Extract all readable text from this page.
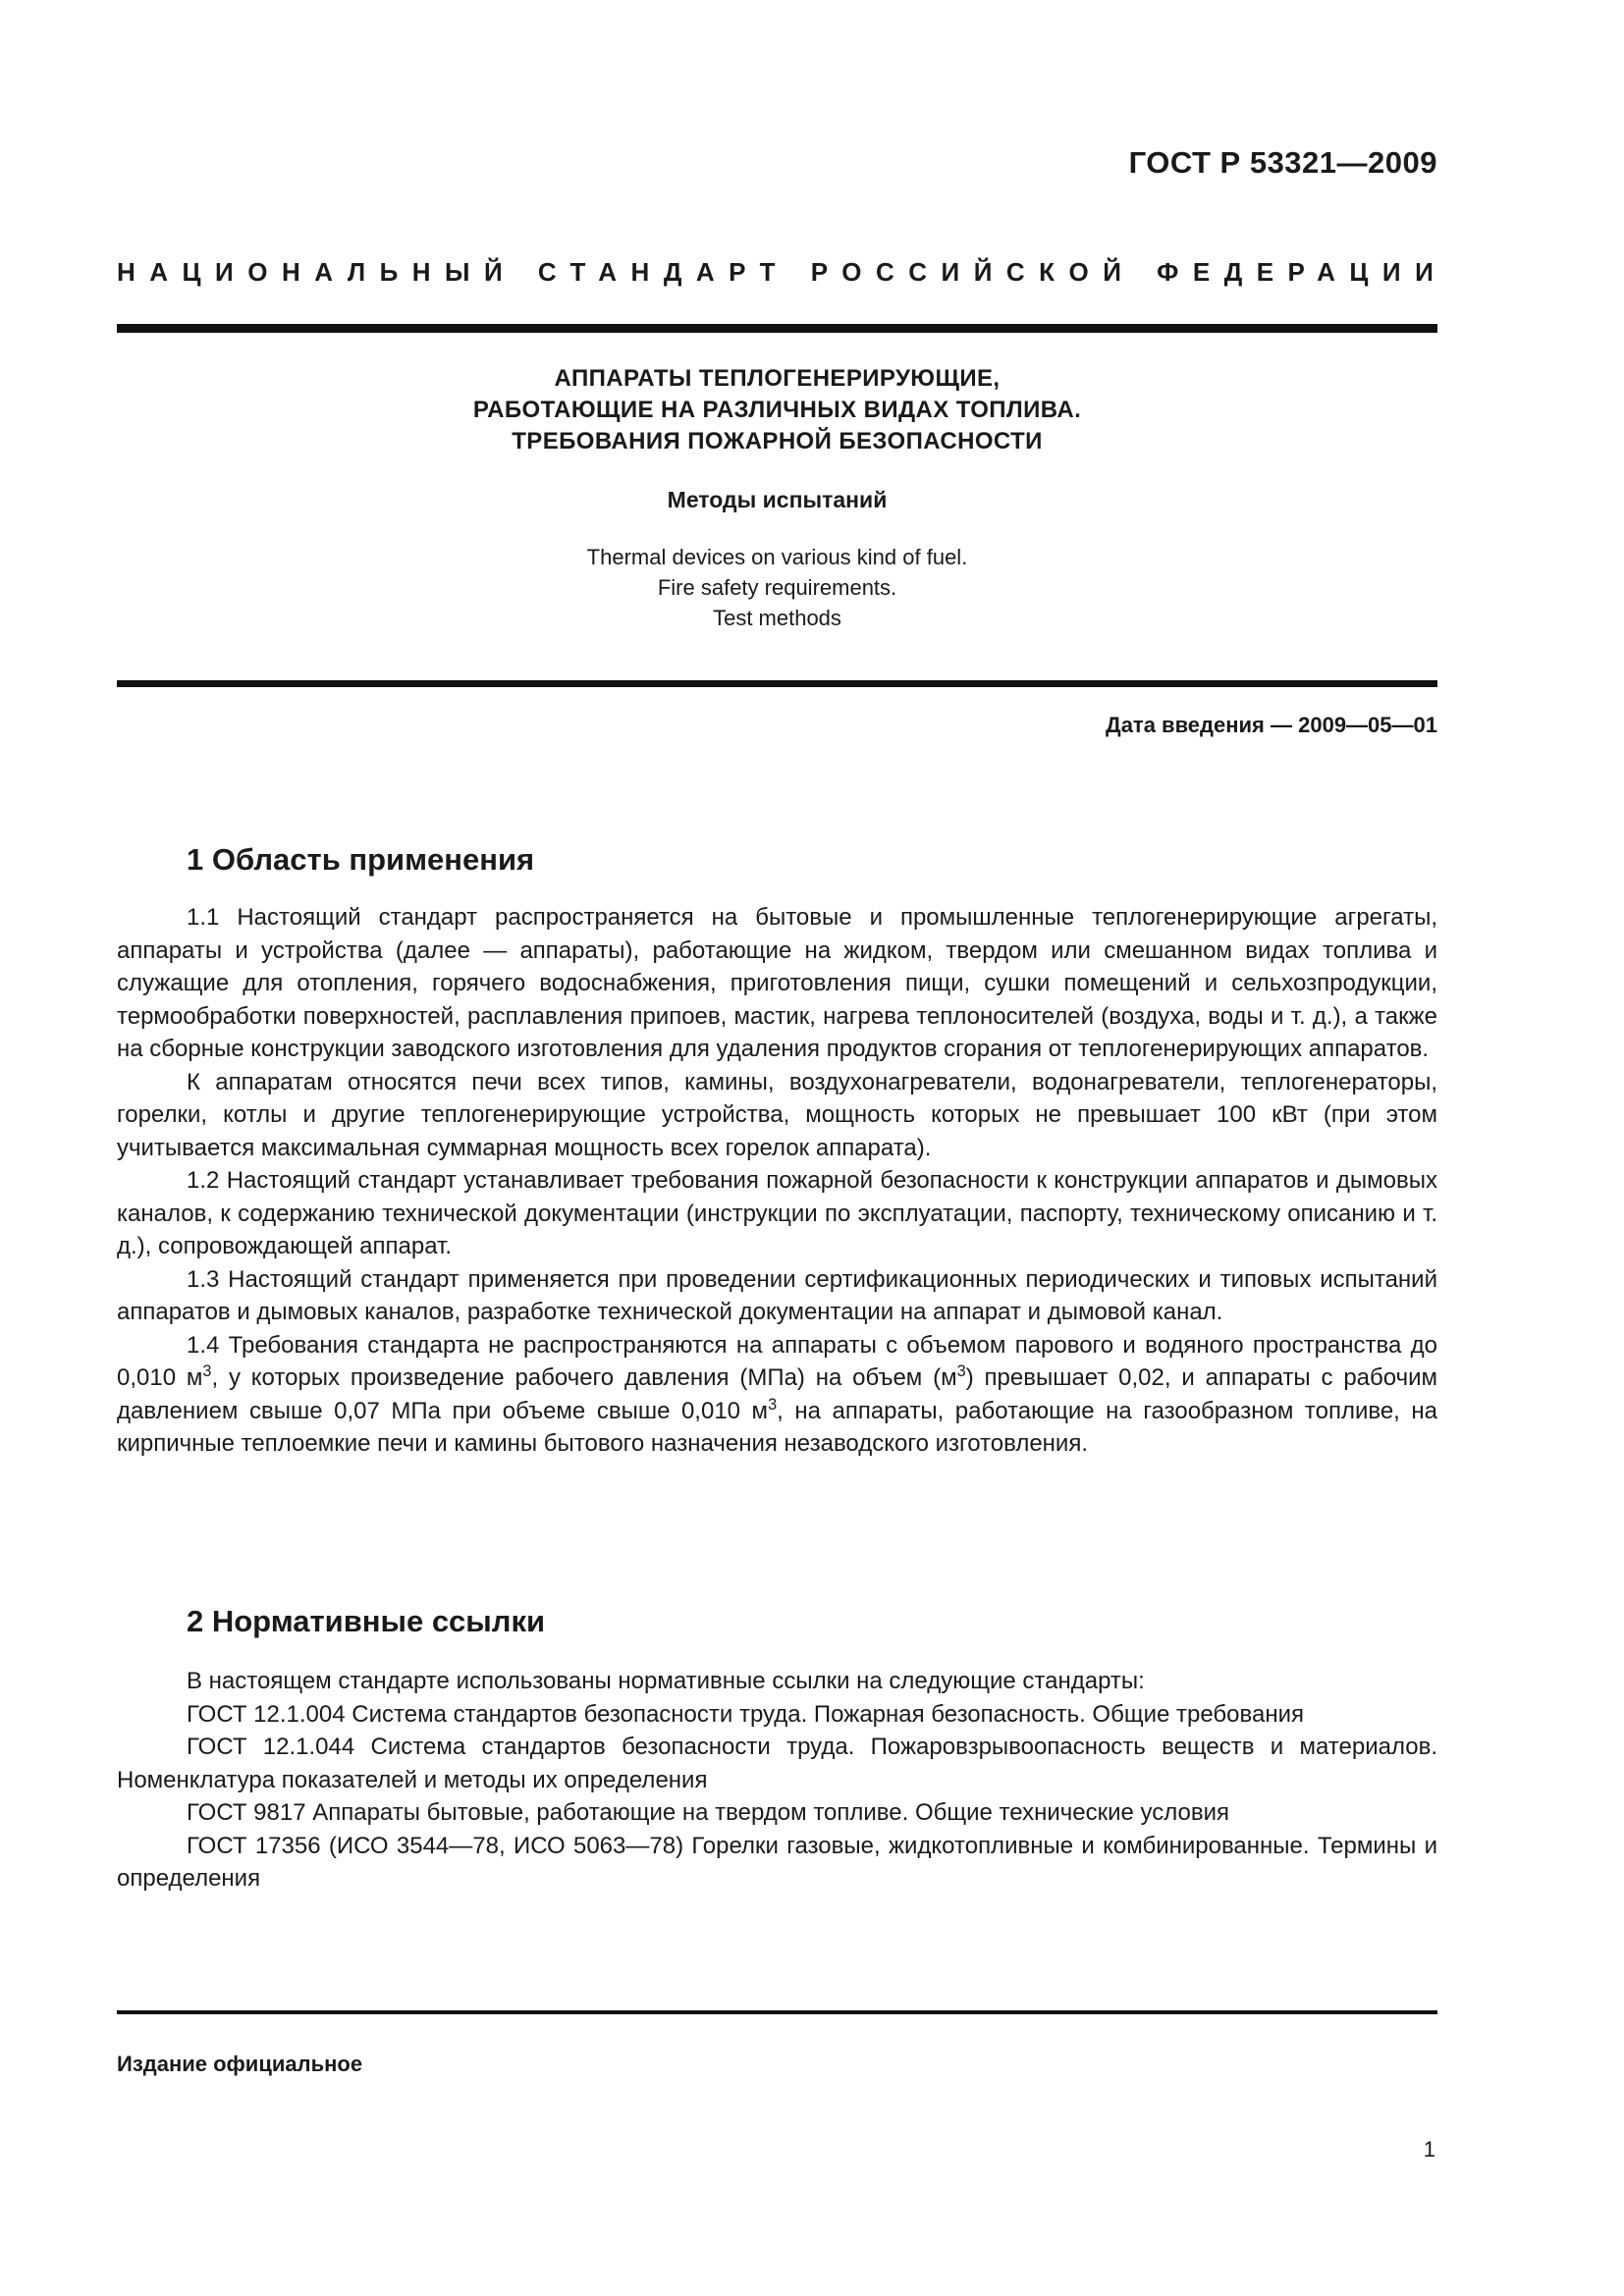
ГОСТ Р 53321—2009
НАЦИОНАЛЬНЫЙ СТАНДАРТ РОССИЙСКОЙ ФЕДЕРАЦИИ
АППАРАТЫ ТЕПЛОГЕНЕРИРУЮЩИЕ,
РАБОТАЮЩИЕ НА РАЗЛИЧНЫХ ВИДАХ ТОПЛИВА.
ТРЕБОВАНИЯ ПОЖАРНОЙ БЕЗОПАСНОСТИ
Методы испытаний
Thermal devices on various kind of fuel.
Fire safety requirements.
Test methods
Дата введения — 2009—05—01
1 Область применения

1.1 Настоящий стандарт распространяется на бытовые и промышленные теплогенерирующие агрегаты, аппараты и устройства (далее — аппараты), работающие на жидком, твердом или смешанном видах топлива и служащие для отопления, горячего водоснабжения, приготовления пищи, сушки помещений и сельхозпродукции, термообработки поверхностей, расплавления припоев, мастик, нагрева теплоносителей (воздуха, воды и т. д.), а также на сборные конструкции заводского изготовления для удаления продуктов сгорания от теплогенерирующих аппаратов.

К аппаратам относятся печи всех типов, камины, воздухонагреватели, водонагреватели, теплогенераторы, горелки, котлы и другие теплогенерирующие устройства, мощность которых не превышает 100 кВт (при этом учитывается максимальная суммарная мощность всех горелок аппарата).

1.2 Настоящий стандарт устанавливает требования пожарной безопасности к конструкции аппаратов и дымовых каналов, к содержанию технической документации (инструкции по эксплуатации, паспорту, техническому описанию и т. д.), сопровождающей аппарат.

1.3 Настоящий стандарт применяется при проведении сертификационных периодических и типовых испытаний аппаратов и дымовых каналов, разработке технической документации на аппарат и дымовой канал.

1.4 Требования стандарта не распространяются на аппараты с объемом парового и водяного пространства до 0,010 $м^3$, у которых произведение рабочего давления (МПа) на объем $(м^3)$ превышает 0,02, и аппараты с рабочим давлением свыше 0,07 МПа при объеме свыше 0,010 $м^3$, на аппараты, работающие на газообразном топливе, на кирпичные теплоемкие печи и камины бытового назначения незаводского изготовления.

2 Нормативные ссылки

В настоящем стандарте использованы нормативные ссылки на следующие стандарты:

ГОСТ 12.1.004 Система стандартов безопасности труда. Пожарная безопасность. Общие требования

ГОСТ 12.1.044 Система стандартов безопасности труда. Пожаровзрывоопасность веществ и материалов. Номенклатура показателей и методы их определения

ГОСТ 9817 Аппараты бытовые, работающие на твердом топливе. Общие технические условия

ГОСТ 17356 (ИСО 3544—78, ИСО 5063—78) Горелки газовые, жидкотопливные и комбинированные. Термины и определения

Издание официальное
1
